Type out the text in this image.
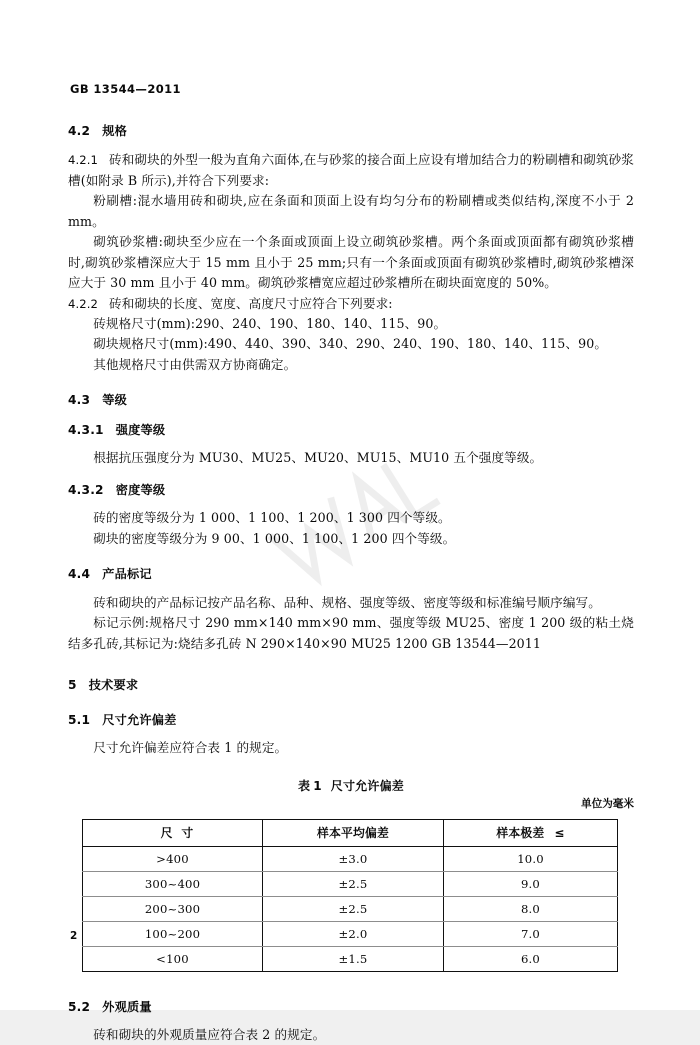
GB 13544—2011
4.2 规格

4.2.1 砖和砌块的外型一般为直角六面体,在与砂浆的接合面上应设有增加结合力的粉刷槽和砌筑砂浆槽(如附录 B 所示),并符合下列要求:

粉刷槽:混水墙用砖和砌块,应在条面和顶面上设有均匀分布的粉刷槽或类似结构,深度不小于 2 mm。

砌筑砂浆槽:砌块至少应在一个条面或顶面上设立砌筑砂浆槽。两个条面或顶面都有砌筑砂浆槽时,砌筑砂浆槽深应大于 15 mm 且小于 25 mm;只有一个条面或顶面有砌筑砂浆槽时,砌筑砂浆槽深应大于 30 mm 且小于 40 mm。砌筑砂浆槽宽应超过砂浆槽所在砌块面宽度的 50%。

4.2.2 砖和砌块的长度、宽度、高度尺寸应符合下列要求:

砖规格尺寸(mm):290、240、190、180、140、115、90。

砌块规格尺寸(mm):490、440、390、340、290、240、190、180、140、115、90。

其他规格尺寸由供需双方协商确定。

4.3 等级
4.3.1 强度等级

根据抗压强度分为 MU30、MU25、MU20、MU15、MU10 五个强度等级。

4.3.2 密度等级

砖的密度等级分为 1 000、1 100、1 200、1 300 四个等级。

砌块的密度等级分为 9 00、1 000、1 100、1 200 四个等级。

4.4 产品标记

砖和砌块的产品标记按产品名称、品种、规格、强度等级、密度等级和标准编号顺序编写。

标记示例:规格尺寸 290 mm×140 mm×90 mm、强度等级 MU25、密度 1 200 级的粘土烧结多孔砖,其标记为:烧结多孔砖 N 290×140×90 MU25 1200 GB 13544—2011

5 技术要求
5.1 尺寸允许偏差

尺寸允许偏差应符合表 1 的规定。

表 1 尺寸允许偏差
单位为毫米
尺寸	样本平均偏差	样本极差 ≤
>400	±3.0	10.0
300~400	±2.5	9.0
200~300	±2.5	8.0
100~200	±2.0	7.0
<100	±1.5	6.0
5.2 外观质量

砖和砌块的外观质量应符合表 2 的规定。

2
